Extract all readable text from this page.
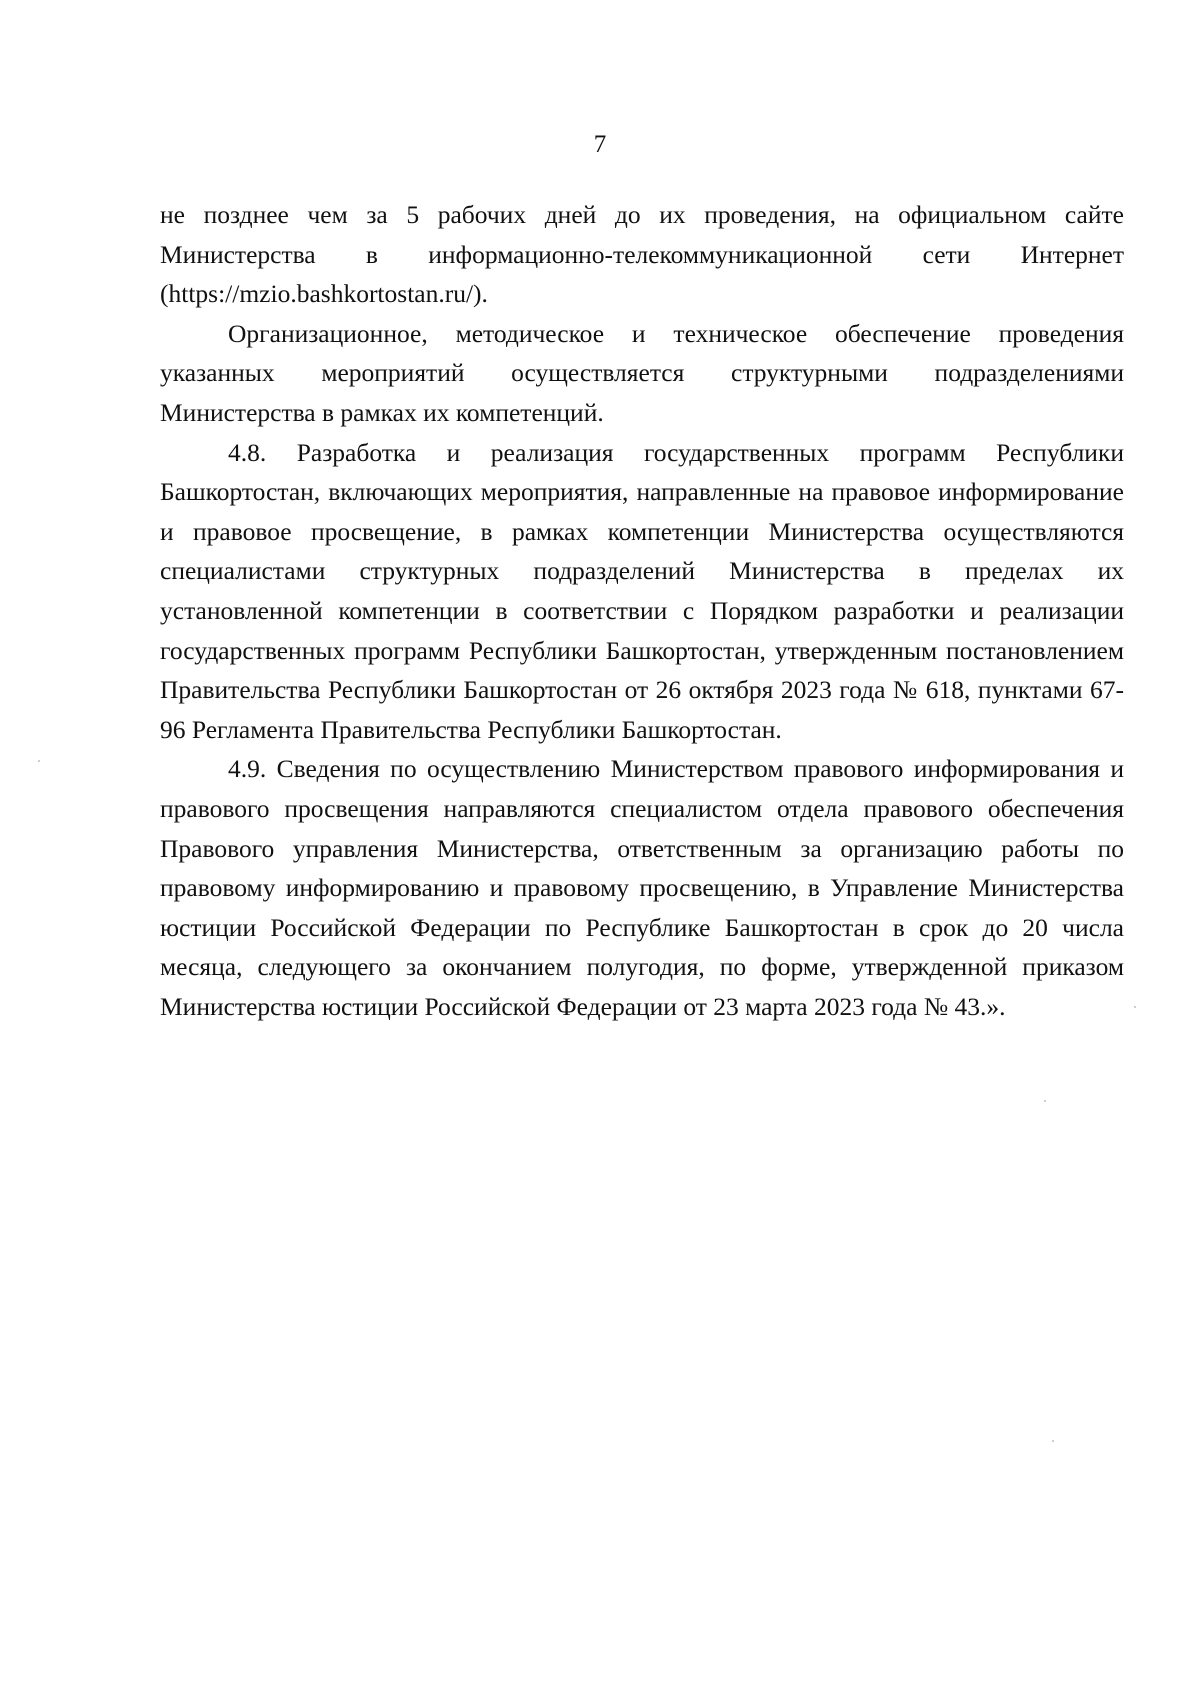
7

не позднее чем за 5 рабочих дней до их проведения, на официальном сайте Министерства в информационно-телекоммуникационной сети Интернет (https://mzio.bashkortostan.ru/).

Организационное, методическое и техническое обеспечение проведения указанных мероприятий осуществляется структурными подразделениями Министерства в рамках их компетенций.

4.8. Разработка и реализация государственных программ Республики Башкортостан, включающих мероприятия, направленные на правовое информирование и правовое просвещение, в рамках компетенции Министерства осуществляются специалистами структурных подразделений Министерства в пределах их установленной компетенции в соответствии с Порядком разработки и реализации государственных программ Республики Башкортостан, утвержденным постановлением Правительства Республики Башкортостан от 26 октября 2023 года № 618, пунктами 67-96 Регламента Правительства Республики Башкортостан.

4.9. Сведения по осуществлению Министерством правового информирования и правового просвещения направляются специалистом отдела правового обеспечения Правового управления Министерства, ответственным за организацию работы по правовому информированию и правовому просвещению, в Управление Министерства юстиции Российской Федерации по Республике Башкортостан в срок до 20 числа месяца, следующего за окончанием полугодия, по форме, утвержденной приказом Министерства юстиции Российской Федерации от 23 марта 2023 года № 43.».
